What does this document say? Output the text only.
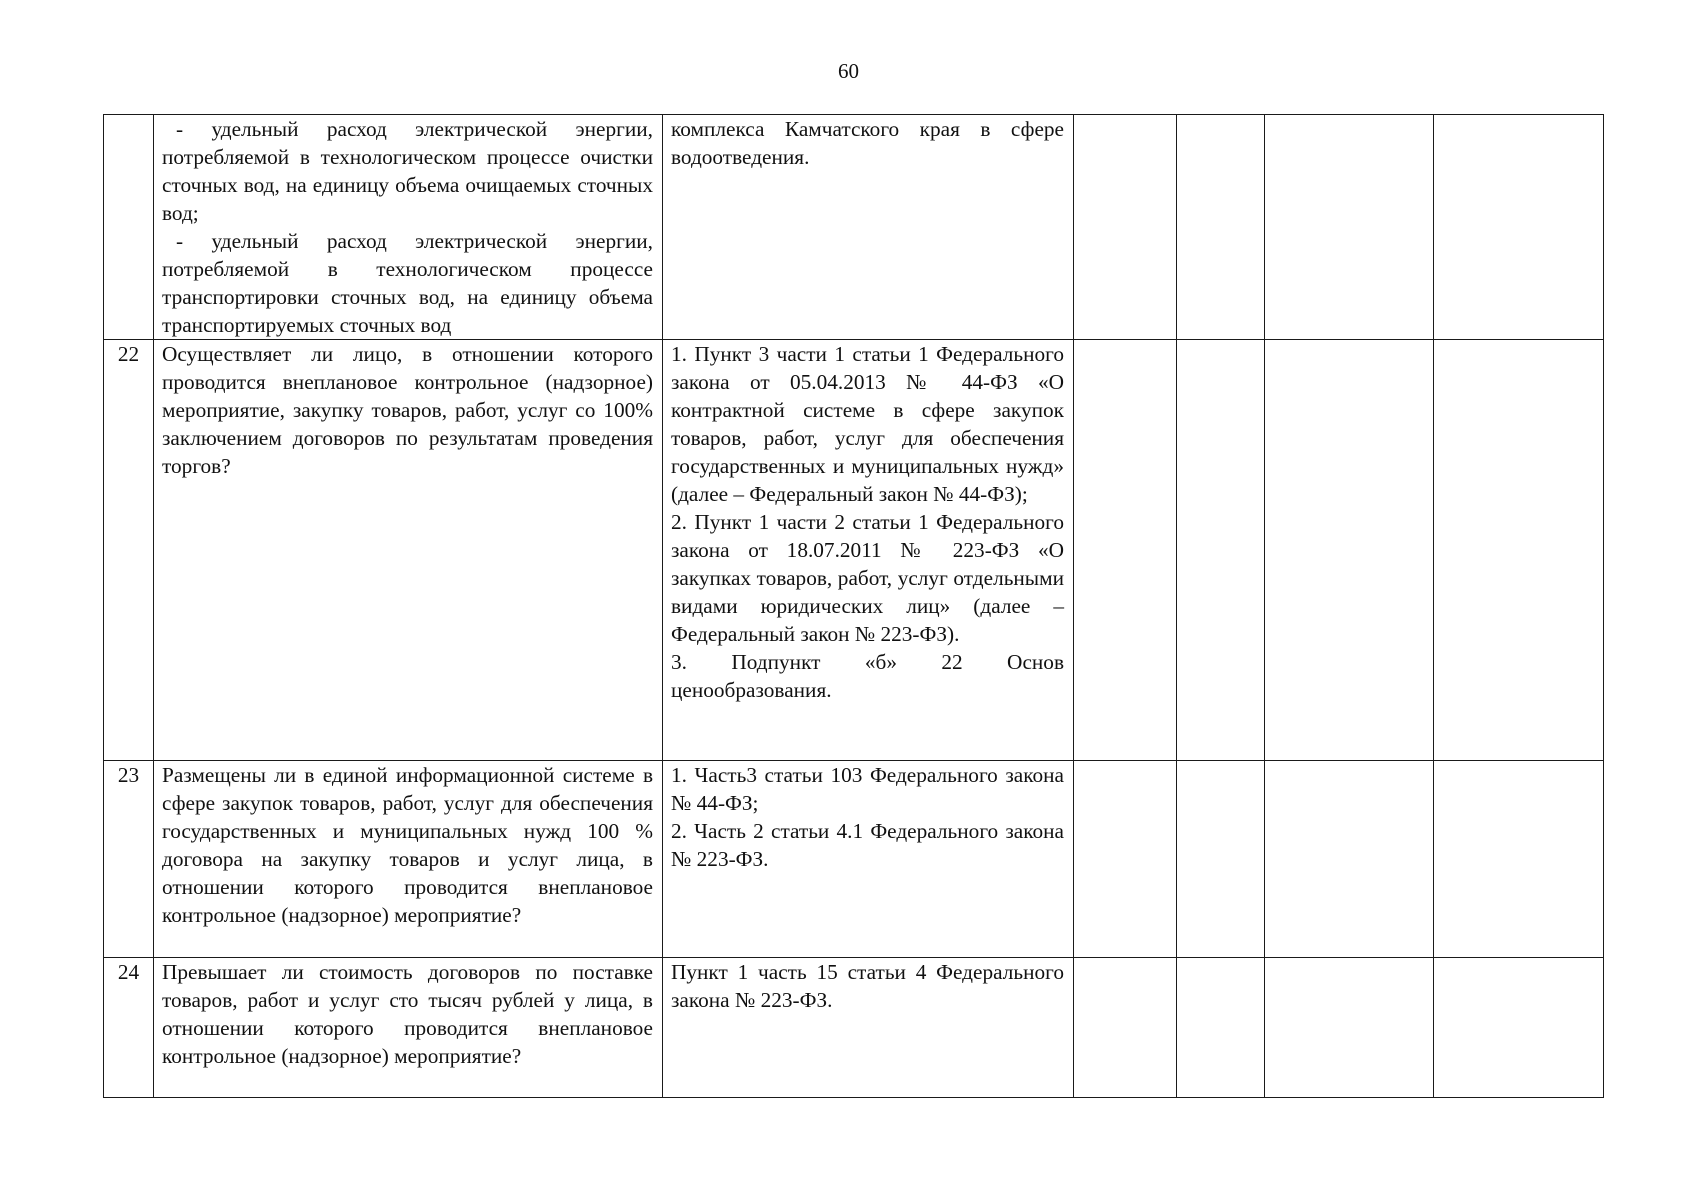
60

	- удельный расход электрической энергии, потребляемой в технологическом процессе очистки сточных вод, на единицу объема очищаемых сточных вод;
- удельный расход электрической энергии, потребляемой в технологическом процессе транспортировки сточных вод, на единицу объема транспортируемых сточных вод	комплекса Камчатского края в сфере водоотведения.				

22	Осуществляет ли лицо, в отношении которого проводится внеплановое контрольное (надзорное) мероприятие, закупку товаров, работ, услуг со 100% заключением договоров по результатам проведения торгов?	1. Пункт 3 части 1 статьи 1 Федерального закона от 05.04.2013 № 44-ФЗ «О контрактной системе в сфере закупок товаров, работ, услуг для обеспечения государственных и муниципальных нужд» (далее – Федеральный закон № 44-ФЗ);
2. Пункт 1 части 2 статьи 1 Федерального закона от 18.07.2011 № 223-ФЗ «О закупках товаров, работ, услуг отдельными видами юридических лиц» (далее – Федеральный закон № 223-ФЗ).
3. Подпункт «б» 22 Основ ценообразования.				

23	Размещены ли в единой информационной системе в сфере закупок товаров, работ, услуг для обеспечения государственных и муниципальных нужд 100 % договора на закупку товаров и услуг лица, в отношении которого проводится внеплановое контрольное (надзорное) мероприятие?	1. Часть3 статьи 103 Федерального закона № 44-ФЗ;
2. Часть 2 статьи 4.1 Федерального закона № 223-ФЗ.				

24	Превышает ли стоимость договоров по поставке товаров, работ и услуг сто тысяч рублей у лица, в отношении которого проводится внеплановое контрольное (надзорное) мероприятие?	Пункт 1 часть 15 статьи 4 Федерального закона № 223-ФЗ.				
